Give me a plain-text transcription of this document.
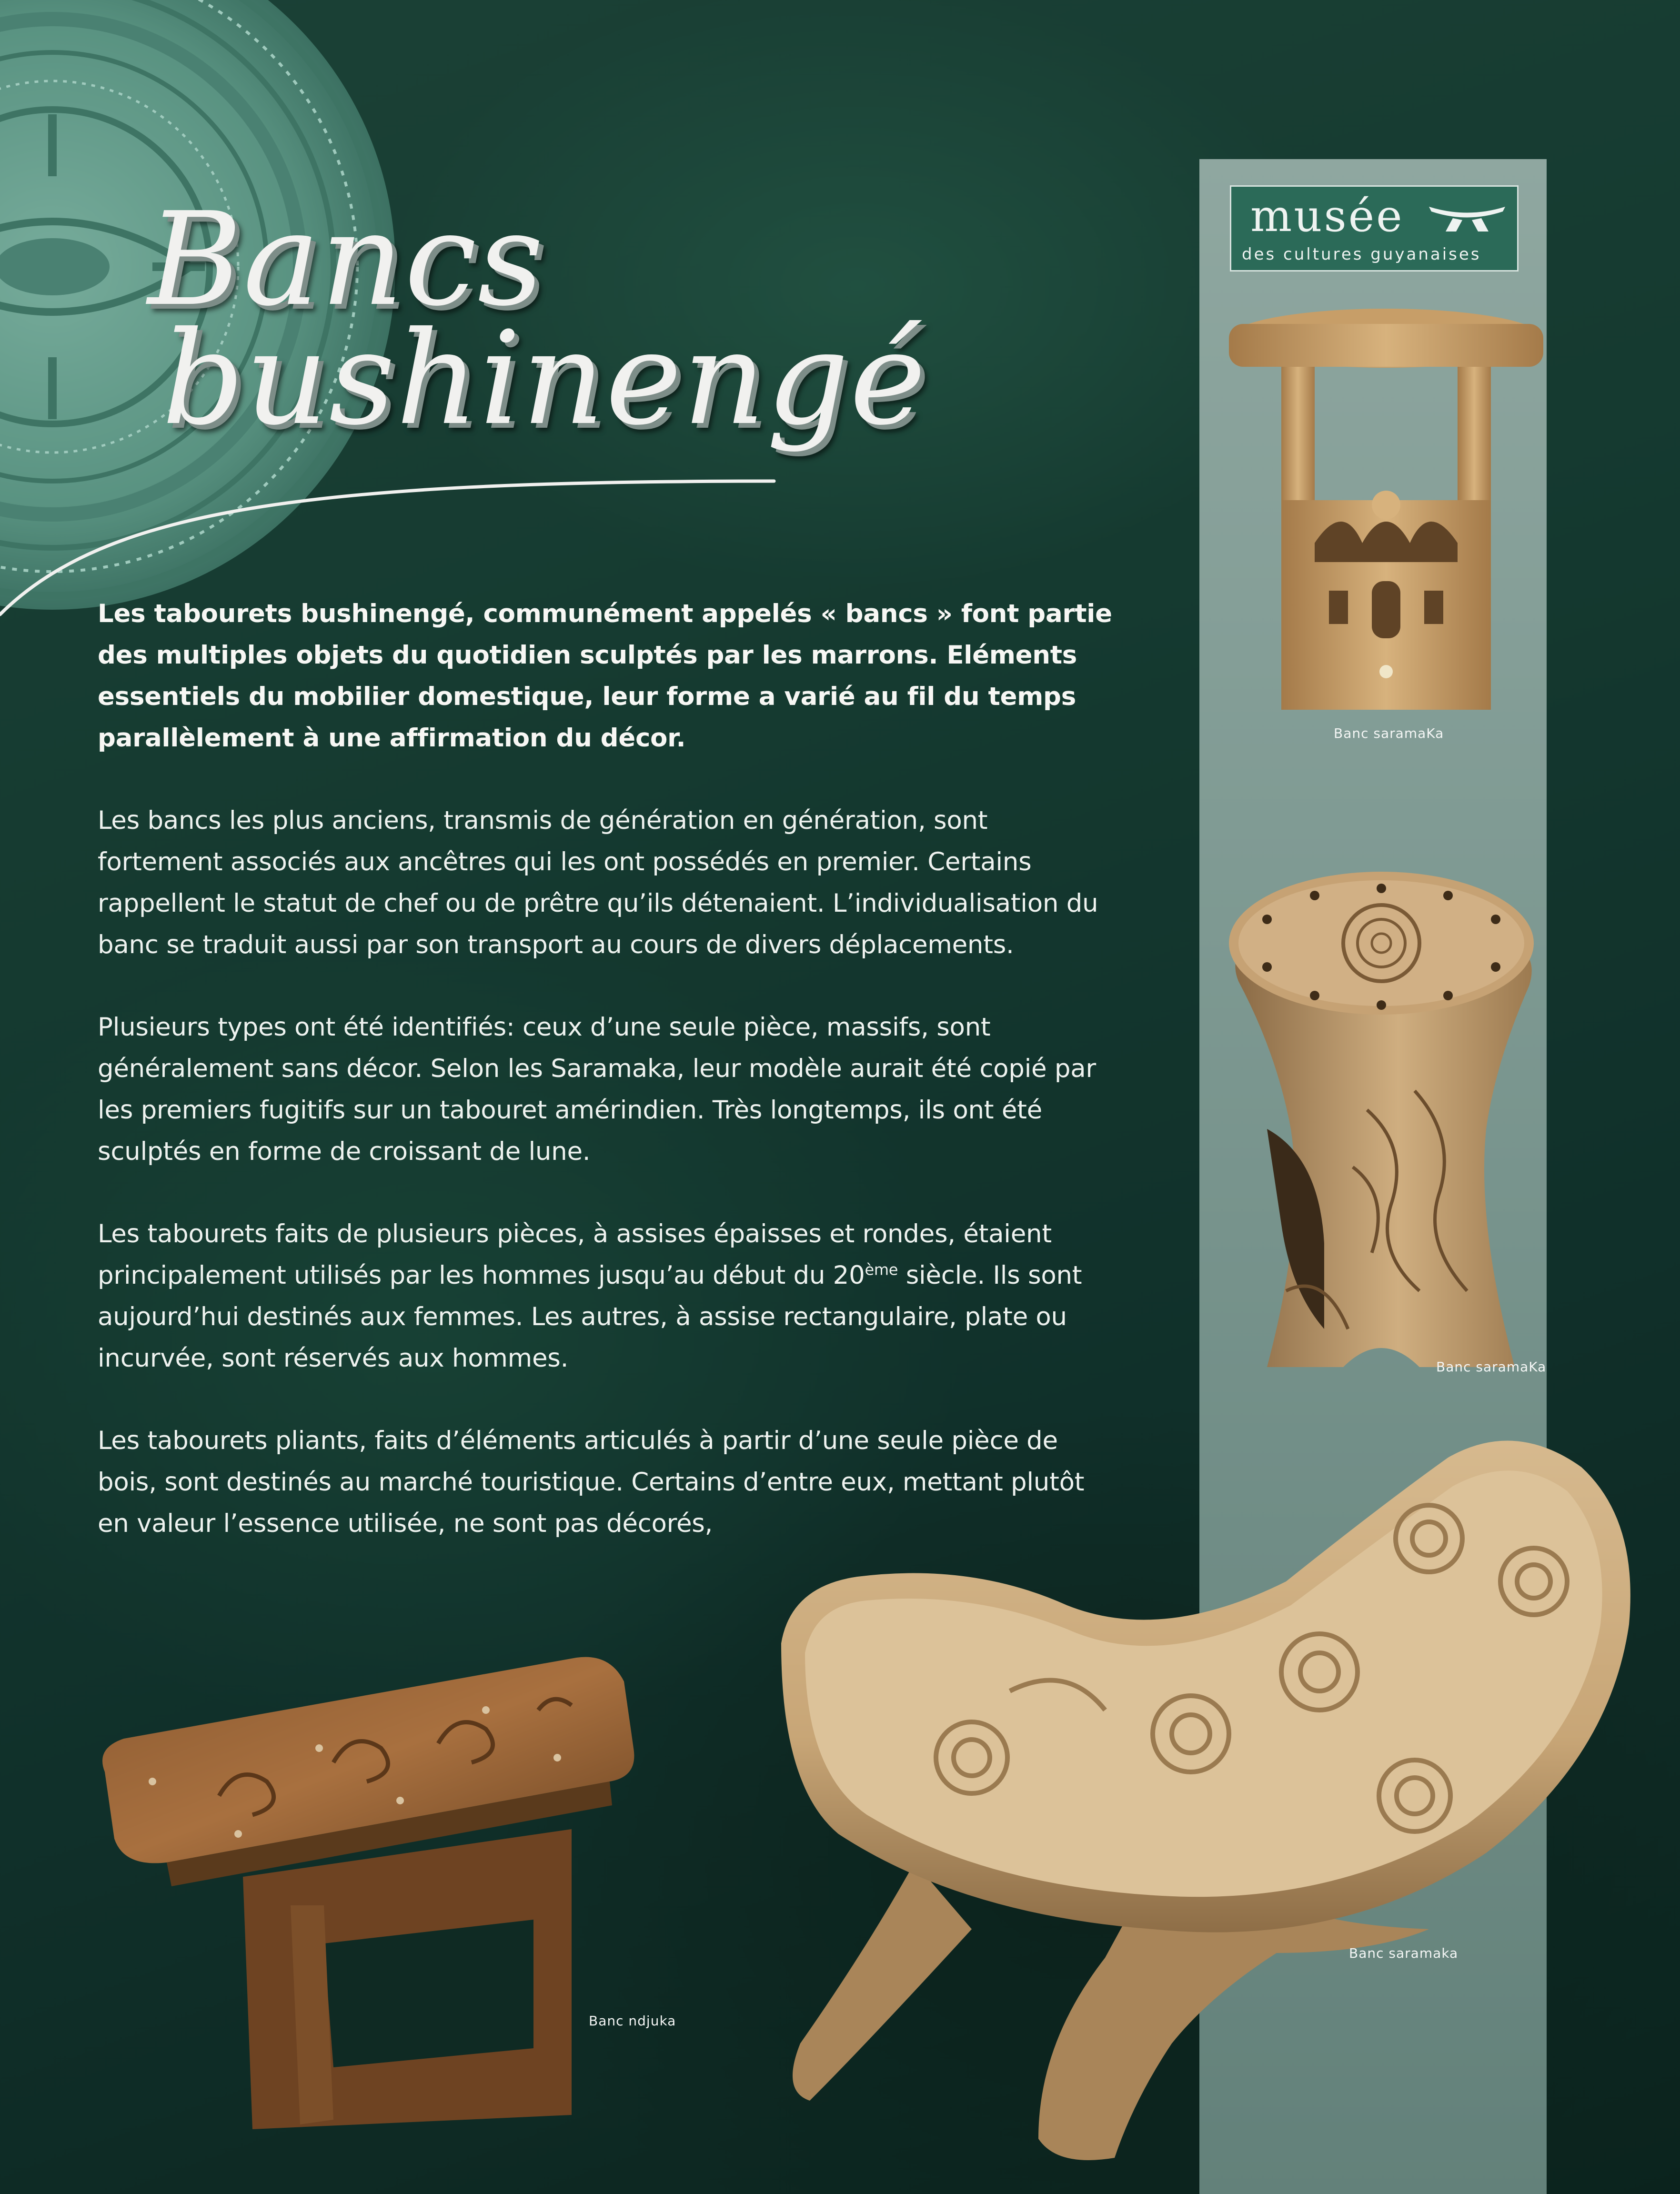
Bancs
bushinengé

Les tabourets bushinengé, communément appelés « bancs » font partie des multiples objets du quotidien sculptés par les marrons. Eléments essentiels du mobilier domestique, leur forme a varié au fil du temps parallèlement à une affirmation du décor.

Les bancs les plus anciens, transmis de génération en génération, sont fortement associés aux ancêtres qui les ont possédés en premier. Certains rappellent le statut de chef ou de prêtre qu’ils détenaient. L’individualisation du banc se traduit aussi par son transport au cours de divers déplacements.

Plusieurs types ont été identifiés: ceux d’une seule pièce, massifs, sont généralement sans décor. Selon les Saramaka, leur modèle aurait été copié par les premiers fugitifs sur un tabouret amérindien. Très longtemps, ils ont été sculptés en forme de croissant de lune.

Les tabourets faits de plusieurs pièces, à assises épaisses et rondes, étaient principalement utilisés par les hommes jusqu’au début du 20ème siècle. Ils sont aujourd’hui destinés aux femmes. Les autres, à assise rectangulaire, plate ou incurvée, sont réservés aux hommes.

Les tabourets pliants, faits d’éléments articulés à partir d’une seule pièce de bois, sont destinés au marché touristique. Certains d’entre eux, mettant plutôt en valeur l’essence utilisée, ne sont pas décorés,

musée
des cultures guyanaises
Banc saramaKa
Banc saramaKa
Banc saramaka
Banc ndjuka
